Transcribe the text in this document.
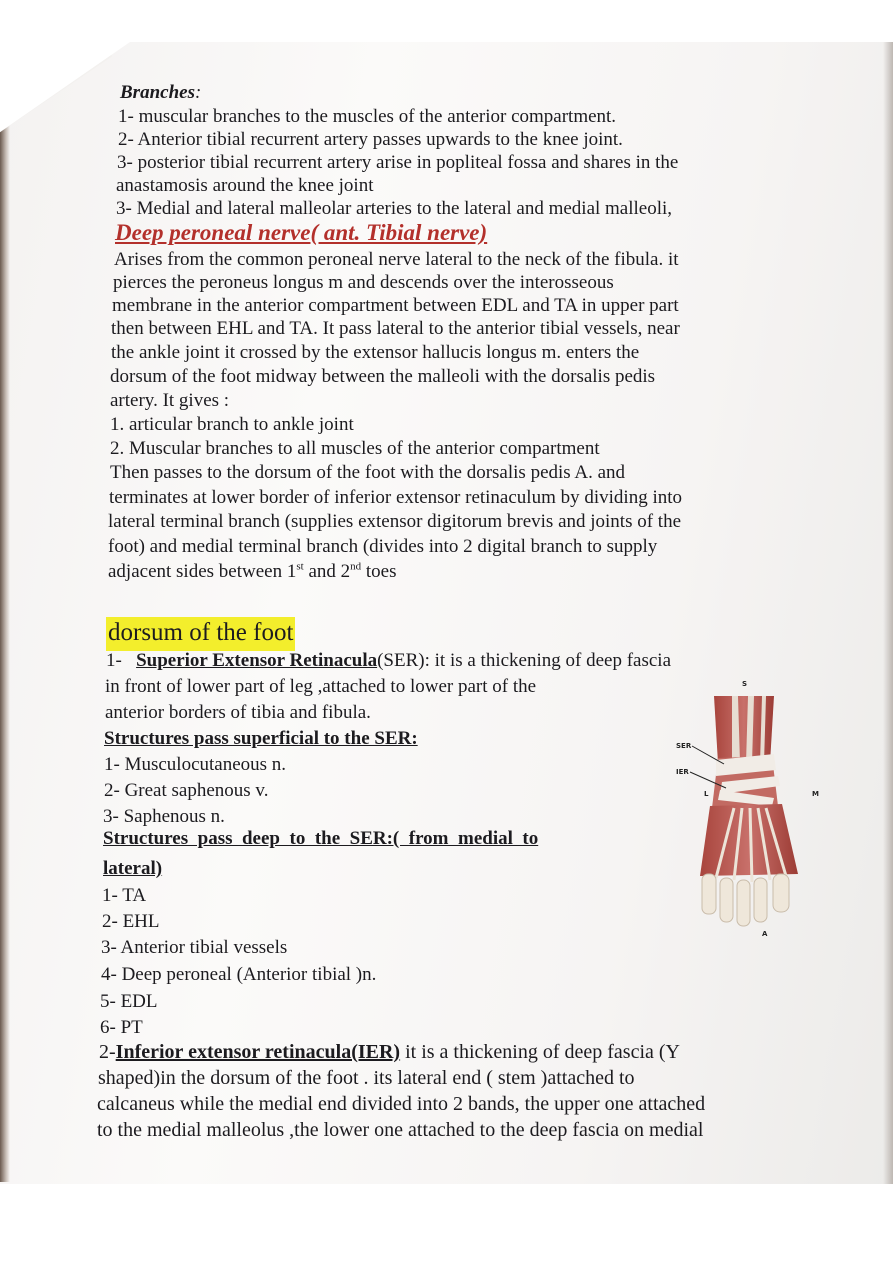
Branches:
1- muscular branches to the muscles of the anterior compartment.
2- Anterior tibial recurrent artery passes upwards to the knee joint.
3- posterior tibial recurrent artery arise in popliteal fossa and shares in the
anastamosis around the knee joint
3- Medial and lateral malleolar arteries to the lateral and medial malleoli,
Deep peroneal nerve( ant. Tibial nerve)
Arises from the common peroneal nerve lateral to the neck of the fibula. it
pierces the peroneus longus m and descends over the interosseous
membrane in the anterior compartment between EDL and TA in upper part
then between EHL and TA. It pass lateral to the anterior tibial vessels, near
the ankle joint it crossed by the extensor hallucis longus m. enters the
dorsum of the foot midway between the malleoli with the dorsalis pedis
artery. It gives :
1. articular branch to ankle joint
2. Muscular branches to all muscles of the anterior compartment
Then passes to the dorsum of the foot with the dorsalis pedis A. and
terminates at lower border of inferior extensor retinaculum by dividing into
lateral terminal branch (supplies extensor digitorum brevis and joints of the
foot) and medial terminal branch (divides into 2 digital branch to supply
adjacent sides between 1st and 2nd toes
dorsum of the foot
1- Superior Extensor Retinacula(SER): it is a thickening of deep fascia
in front of lower part of leg ,attached to lower part of the
anterior borders of tibia and fibula.
Structures pass superficial to the SER:
1- Musculocutaneous n.
2- Great saphenous v.
3- Saphenous n.
Structures  pass  deep  to  the  SER:(  from  medial  to
lateral)
1- TA
2- EHL
3- Anterior tibial vessels
4- Deep peroneal (Anterior tibial )n.
5- EDL
6- PT
2-Inferior extensor retinacula(IER) it is a thickening of deep fascia (Y
shaped)in the dorsum of the foot . its lateral end ( stem )attached to
calcaneus while the medial end divided into 2 bands, the upper one attached
to the medial malleolus ,the lower one attached to the deep fascia on medial
S
SER
IER
L	M
A
